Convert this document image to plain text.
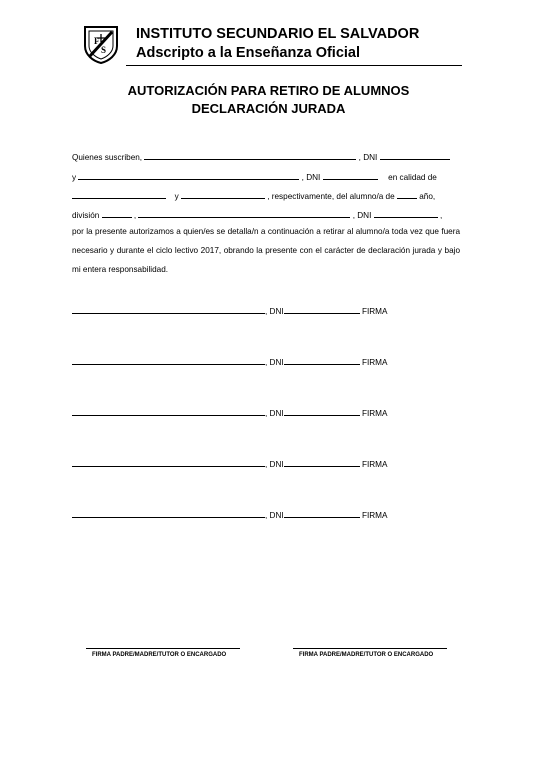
F
S
INSTITUTO SECUNDARIO EL SALVADOR
Adscripto a la Enseñanza Oficial
AUTORIZACIÓN PARA RETIRO DE ALUMNOS
DECLARACIÓN JURADA
Quienes suscriben,	, DNI
y	, DNI	en calidad de
y	, respectivamente, del alumno/a de	año,
división	,	, DNI	,
por la presente autorizamos a quien/es se detalla/n a continuación a retirar al alumno/a toda vez que fuera necesario y durante el ciclo lectivo 2017, obrando la presente con el carácter de declaración jurada y bajo mi entera responsabilidad.
, DNI	FIRMA
, DNI	FIRMA
, DNI	FIRMA
, DNI	FIRMA
, DNI	FIRMA
FIRMA PADRE/MADRE/TUTOR O ENCARGADO	FIRMA PADRE/MADRE/TUTOR O ENCARGADO
